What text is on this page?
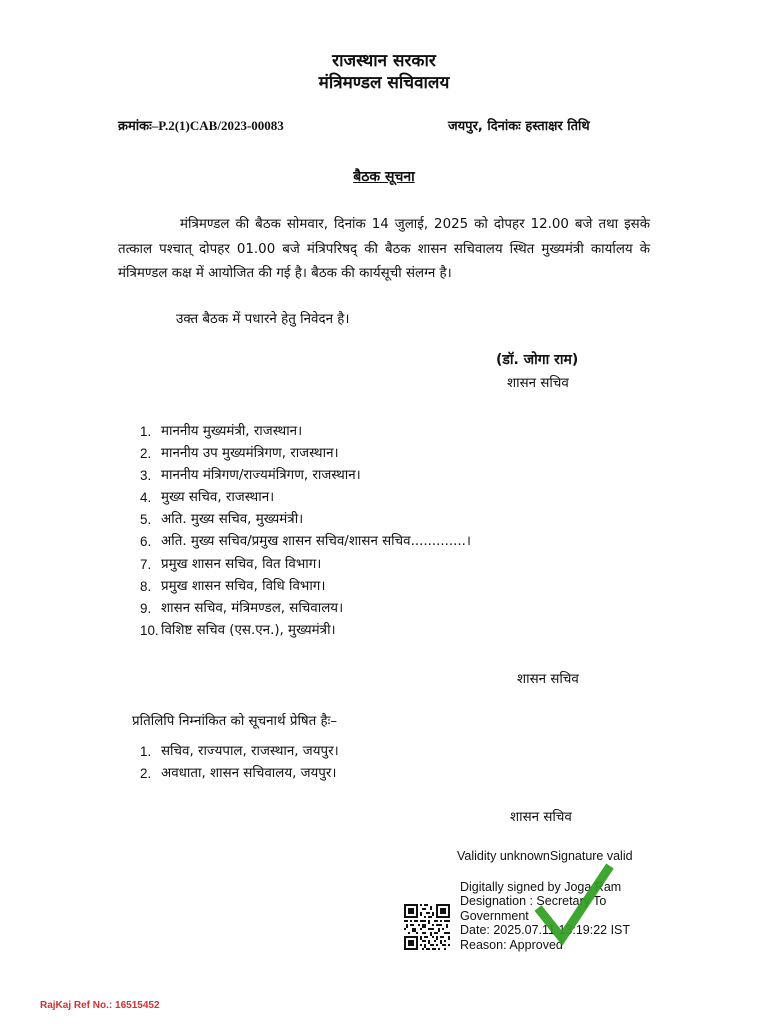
राजस्थान सरकार
मंत्रिमण्डल सचिवालय
क्रमांकः–P.2(1)CAB/2023-00083	जयपुर, दिनांकः हस्ताक्षर तिथि
बैठक सूचना
मंत्रिमण्डल की बैठक सोमवार, दिनांक 14 जुलाई, 2025 को दोपहर 12.00 बजे तथा इसके तत्काल पश्चात् दोपहर 01.00 बजे मंत्रिपरिषद् की बैठक शासन सचिवालय स्थित मुख्यमंत्री कार्यालय के मंत्रिमण्डल कक्ष में आयोजित की गई है। बैठक की कार्यसूची संलग्न है।
उक्त बैठक में पधारने हेतु निवेदन है।
(डॉ. जोगा राम)
शासन सचिव
1. माननीय मुख्यमंत्री, राजस्थान।
2. माननीय उप मुख्यमंत्रिगण, राजस्थान।
3. माननीय मंत्रिगण/राज्यमंत्रिगण, राजस्थान।
4. मुख्य सचिव, राजस्थान।
5. अति. मुख्य सचिव, मुख्यमंत्री।
6. अति. मुख्य सचिव/प्रमुख शासन सचिव/शासन सचिव.............।
7. प्रमुख शासन सचिव, वित विभाग।
8. प्रमुख शासन सचिव, विधि विभाग।
9. शासन सचिव, मंत्रिमण्डल, सचिवालय।
10. विशिष्ट सचिव (एस.एन.), मुख्यमंत्री।
शासन सचिव
प्रतिलिपि निम्नांकित को सूचनार्थ प्रेषित हैः–
1. सचिव, राज्यपाल, राजस्थान, जयपुर।
2. अवधाता, शासन सचिवालय, जयपुर।
शासन सचिव
Validity unknownSignature valid
Digitally signed by Joga Ram
Designation : Secretary To
Government
Date: 2025.07.11 13:19:22 IST
Reason: Approved
RajKaj Ref No.: 16515452
